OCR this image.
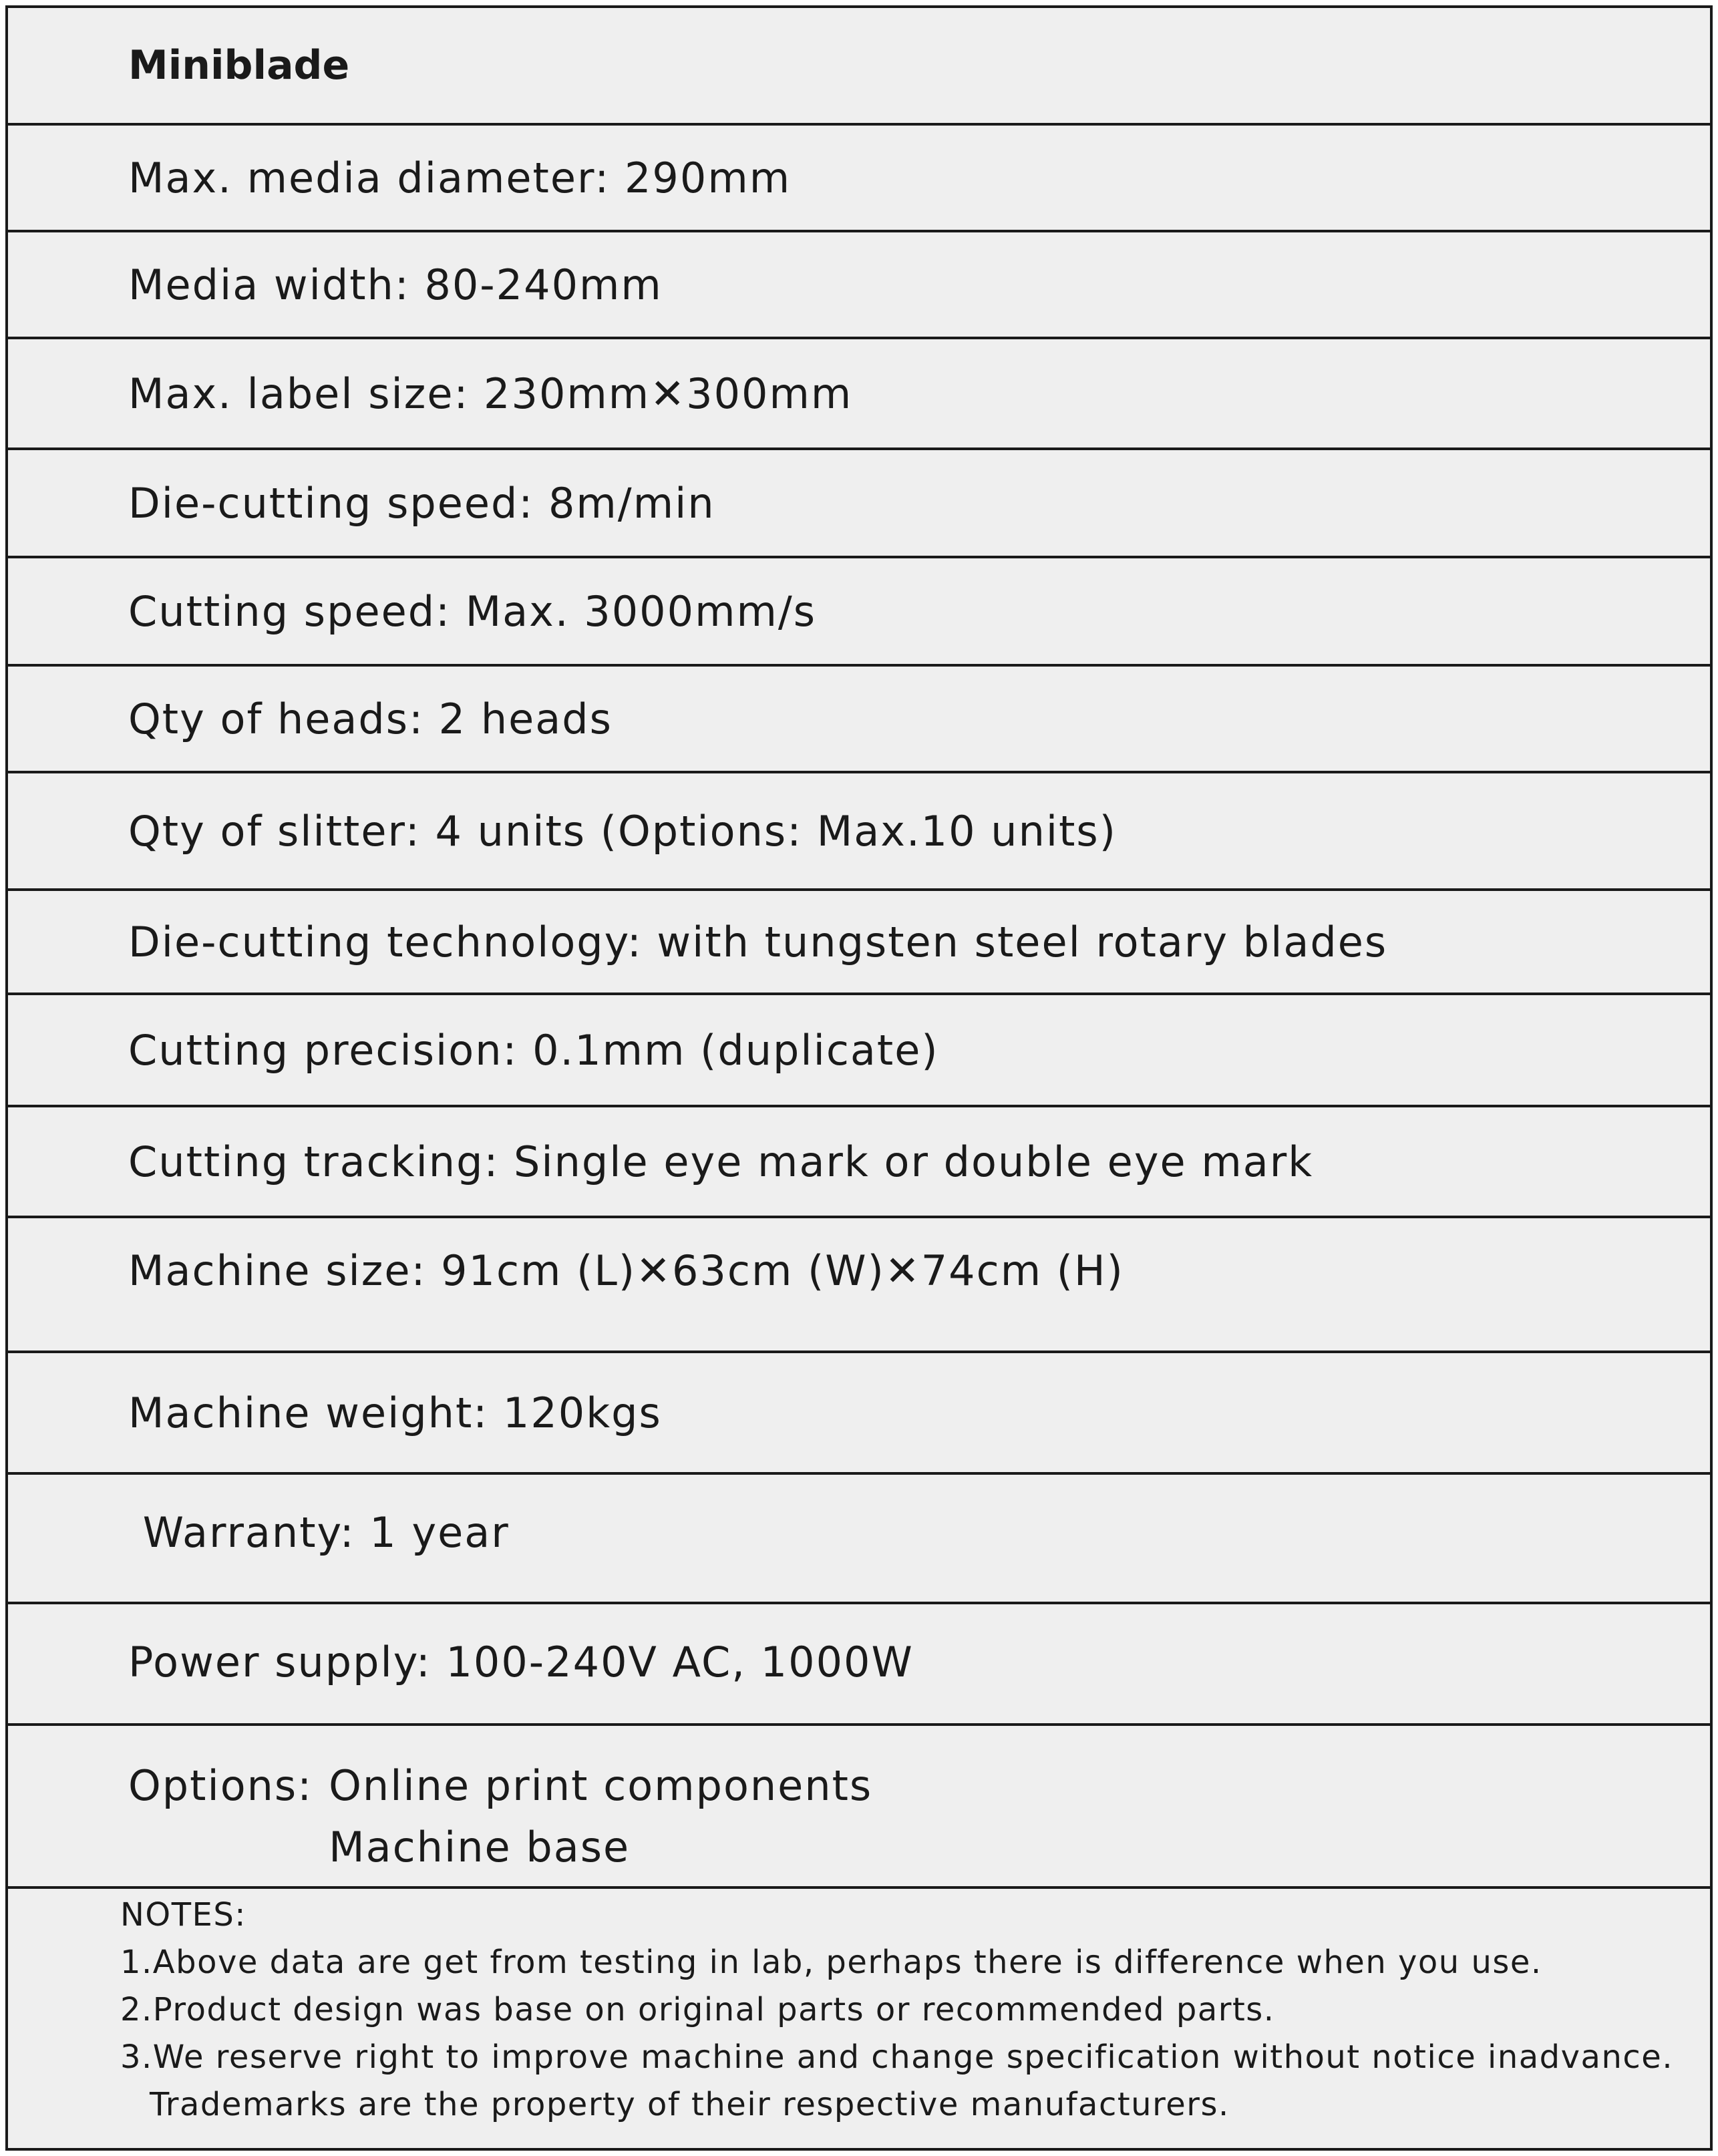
Miniblade
Max. media diameter: 290mm
Media width: 80-240mm
Max. label size: 230mm✕300mm
Die-cutting speed: 8m/min
Cutting speed: Max. 3000mm/s
Qty of heads: 2 heads
Qty of slitter: 4 units (Options: Max.10 units)
Die-cutting technology: with tungsten steel rotary blades
Cutting precision: 0.1mm (duplicate)
Cutting tracking: Single eye mark or double eye mark
Machine size: 91cm (L)✕63cm (W)✕74cm (H)
Machine weight: 120kgs
Warranty: 1 year
Power supply: 100-240V AC, 1000W
Options: Online print components
Machine base
NOTES:
1.Above data are get from testing in lab, perhaps there is difference when you use.
2.Product design was base on original parts or recommended parts.
3.We reserve right to improve machine and change specification without notice inadvance.
Trademarks are the property of their respective manufacturers.
